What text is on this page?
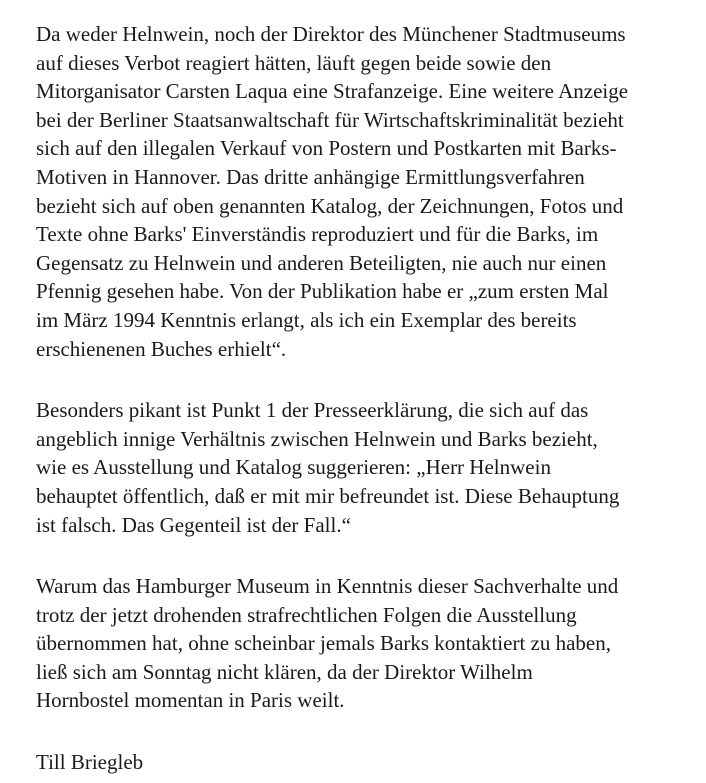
Da weder Helnwein, noch der Direktor des Münchener Stadtmuseums
auf dieses Verbot reagiert hätten, läuft gegen beide sowie den
Mitorganisator Carsten Laqua eine Strafanzeige. Eine weitere Anzeige
bei der Berliner Staatsanwaltschaft für Wirtschaftskriminalität bezieht
sich auf den illegalen Verkauf von Postern und Postkarten mit Barks-
Motiven in Hannover. Das dritte anhängige Ermittlungsverfahren
bezieht sich auf oben genannten Katalog, der Zeichnungen, Fotos und
Texte ohne Barks' Einverständis reproduziert und für die Barks, im
Gegensatz zu Helnwein und anderen Beteiligten, nie auch nur einen
Pfennig gesehen habe. Von der Publikation habe er „zum ersten Mal
im März 1994 Kenntnis erlangt, als ich ein Exemplar des bereits
erschienenen Buches erhielt“.
Besonders pikant ist Punkt 1 der Presseerklärung, die sich auf das
angeblich innige Verhältnis zwischen Helnwein und Barks bezieht,
wie es Ausstellung und Katalog suggerieren: „Herr Helnwein
behauptet öffentlich, daß er mit mir befreundet ist. Diese Behauptung
ist falsch. Das Gegenteil ist der Fall.“
Warum das Hamburger Museum in Kenntnis dieser Sachverhalte und
trotz der jetzt drohenden strafrechtlichen Folgen die Ausstellung
übernommen hat, ohne scheinbar jemals Barks kontaktiert zu haben,
ließ sich am Sonntag nicht klären, da der Direktor Wilhelm
Hornbostel momentan in Paris weilt.
Till Briegleb
